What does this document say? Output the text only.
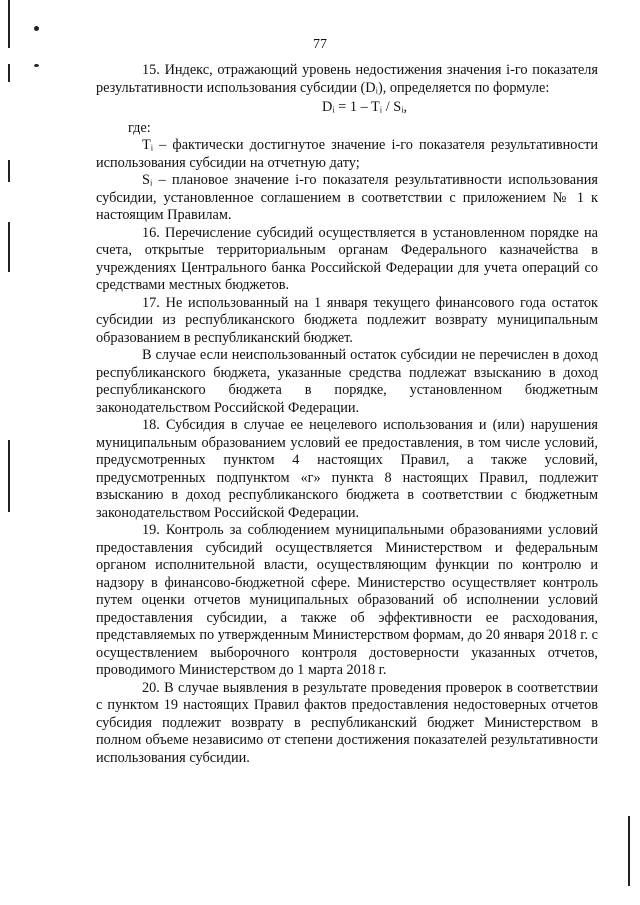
77

15. Индекс, отражающий уровень недостижения значения i-го показателя результативности использования субсидии (Dᵢ), определяется по формуле:

Dᵢ = 1 – Tᵢ / Sᵢ,

где:

Tᵢ – фактически достигнутое значение i-го показателя результативности использования субсидии на отчетную дату;

Sᵢ – плановое значение i-го показателя результативности использования субсидии, установленное соглашением в соответствии с приложением № 1 к настоящим Правилам.

16. Перечисление субсидий осуществляется в установленном порядке на счета, открытые территориальным органам Федерального казначейства в учреждениях Центрального банка Российской Федерации для учета операций со средствами местных бюджетов.

17. Не использованный на 1 января текущего финансового года остаток субсидии из республиканского бюджета подлежит возврату муниципальным образованием в республиканский бюджет.

В случае если неиспользованный остаток субсидии не перечислен в доход республиканского бюджета, указанные средства подлежат взысканию в доход республиканского бюджета в порядке, установленном бюджетным законодательством Российской Федерации.

18. Субсидия в случае ее нецелевого использования и (или) нарушения муниципальным образованием условий ее предоставления, в том числе условий, предусмотренных пунктом 4 настоящих Правил, а также условий, предусмотренных подпунктом «г» пункта 8 настоящих Правил, подлежит взысканию в доход республиканского бюджета в соответствии с бюджетным законодательством Российской Федерации.

19. Контроль за соблюдением муниципальными образованиями условий предоставления субсидий осуществляется Министерством и федеральным органом исполнительной власти, осуществляющим функции по контролю и надзору в финансово-бюджетной сфере. Министерство осуществляет контроль путем оценки отчетов муниципальных образований об исполнении условий предоставления субсидии, а также об эффективности ее расходования, представляемых по утвержденным Министерством формам, до 20 января 2018 г. с осуществлением выборочного контроля достоверности указанных отчетов, проводимого Министерством до 1 марта 2018 г.

20. В случае выявления в результате проведения проверок в соответствии с пунктом 19 настоящих Правил фактов предоставления недостоверных отчетов субсидия подлежит возврату в республиканский бюджет Министерством в полном объеме независимо от степени достижения показателей результативности использования субсидии.
